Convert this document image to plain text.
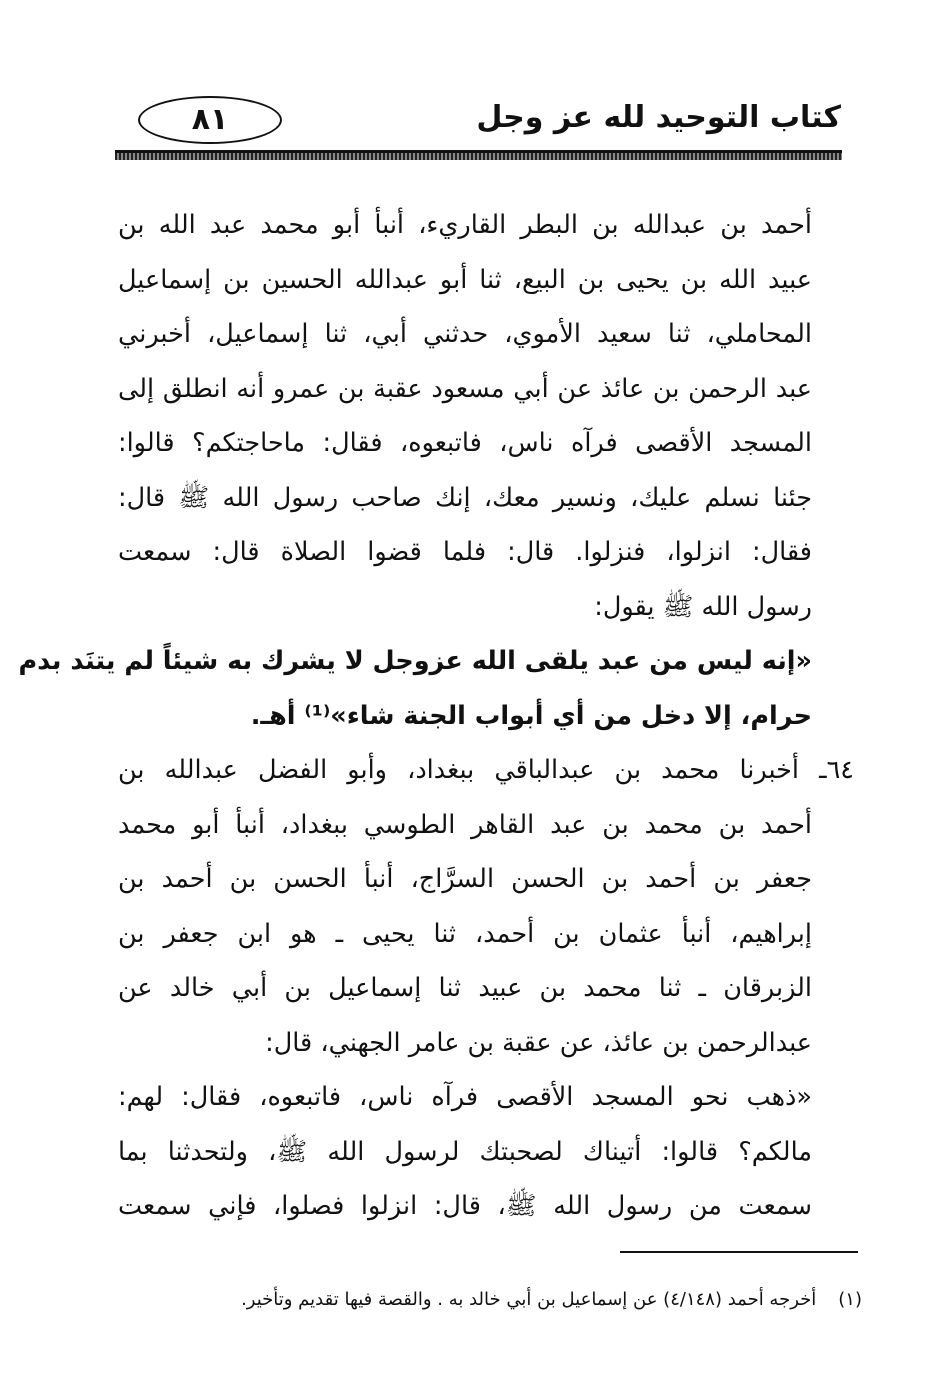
كتاب التوحيد لله عز وجل
٨١
أحمد بن عبدالله بن البطر القاريء، أنبأ أبو محمد عبد الله بن
عبيد الله بن يحيى بن البيع، ثنا أبو عبدالله الحسين بن إسماعيل
المحاملي، ثنا سعيد الأموي، حدثني أبي، ثنا إسماعيل، أخبرني
عبد الرحمن بن عائذ عن أبي مسعود عقبة بن عمرو أنه انطلق إلى
المسجد الأقصى فرآه ناس، فاتبعوه، فقال: ماحاجتكم؟ قالوا:
جئنا نسلم عليك، ونسير معك، إنك صاحب رسول الله ﷺ قال:
فقال: انزلوا، فنزلوا. قال: فلما قضوا الصلاة قال: سمعت
رسول الله ﷺ يقول:
«إنه ليس من عبد يلقى الله عزوجل لا يشرك به شيئاً لم يتنَد بدم
حرام، إلا دخل من أي أبواب الجنة شاء»⁽¹⁾ أهـ.
٦٤ـ أخبرنا محمد بن عبدالباقي ببغداد، وأبو الفضل عبدالله بن
أحمد بن محمد بن عبد القاهر الطوسي ببغداد، أنبأ أبو محمد
جعفر بن أحمد بن الحسن السرَّاج، أنبأ الحسن بن أحمد بن
إبراهيم، أنبأ عثمان بن أحمد، ثنا يحيى ـ هو ابن جعفر بن
الزبرقان ـ ثنا محمد بن عبيد ثنا إسماعيل بن أبي خالد عن
عبدالرحمن بن عائذ، عن عقبة بن عامر الجهني، قال:
«ذهب نحو المسجد الأقصى فرآه ناس، فاتبعوه، فقال: لهم:
مالكم؟ قالوا: أتيناك لصحبتك لرسول الله ﷺ، ولتحدثنا بما
سمعت من رسول الله ﷺ، قال: انزلوا فصلوا، فإني سمعت
(١)أخرجه أحمد (٤/١٤٨) عن إسماعيل بن أبي خالد به . والقصة فيها تقديم وتأخير.
